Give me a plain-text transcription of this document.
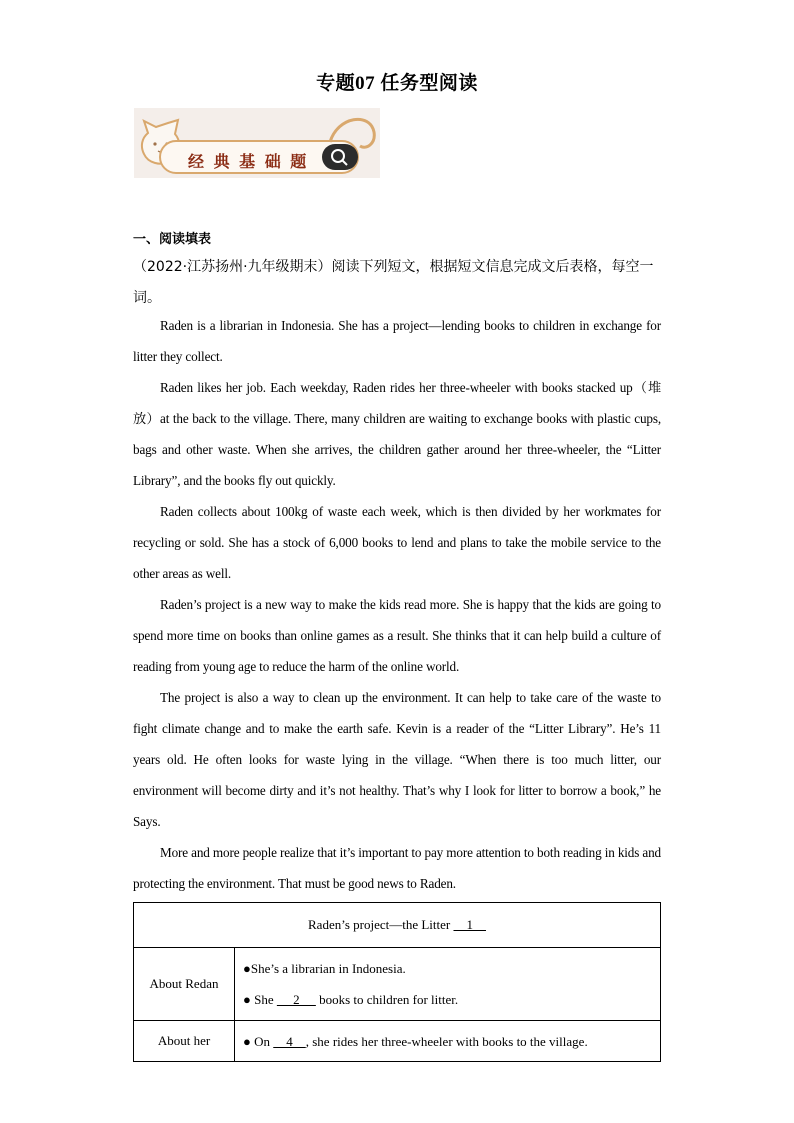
专题07 任务型阅读
经 典 基 础 题
一、阅读填表
（2022·江苏扬州·九年级期末）阅读下列短文，根据短文信息完成文后表格，每空一词。

Raden is a librarian in Indonesia. She has a project—lending books to children in exchange for litter they collect.

Raden likes her job. Each weekday, Raden rides her three-wheeler with books stacked up（堆放）at the back to the village. There, many children are waiting to exchange books with plastic cups, bags and other waste. When she arrives, the children gather around her three-wheeler, the “Litter Library”, and the books fly out quickly.

Raden collects about 100kg of waste each week, which is then divided by her workmates for recycling or sold. She has a stock of 6,000 books to lend and plans to take the mobile service to the other areas as well.

Raden’s project is a new way to make the kids read more. She is happy that the kids are going to spend more time on books than online games as a result. She thinks that it can help build a culture of reading from young age to reduce the harm of the online world.

The project is also a way to clean up the environment. It can help to take care of the waste to fight climate change and to make the earth safe. Kevin is a reader of the “Litter Library”. He’s 11 years old. He often looks for waste lying in the village. “When there is too much litter, our environment will become dirty and it’s not healthy. That’s why I look for litter to borrow a book,” he Says.

More and more people realize that it’s important to pay more attention to both reading in kids and protecting the environment. That must be good news to Raden.

Raden’s project—the Litter     1	
About Redan	●She’s a librarian in Indonesia.
● She      2      books to children for litter.

About her	● On     4    , she rides her three-wheeler with books to the village.
